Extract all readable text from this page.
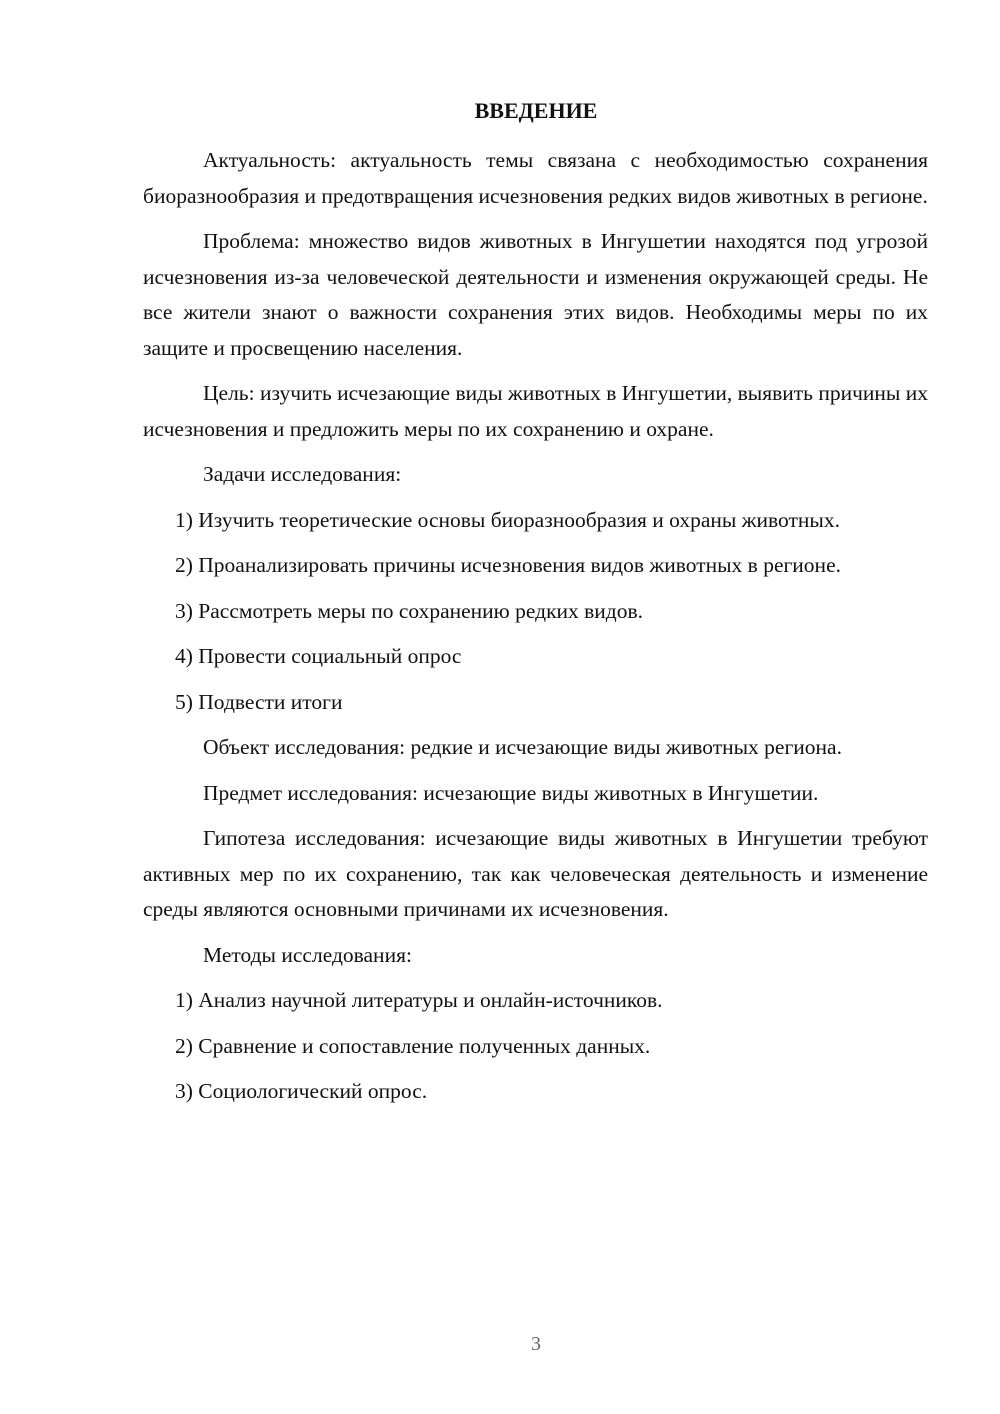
ВВЕДЕНИЕ

Актуальность: актуальность темы связана с необходимостью сохранения биоразнообразия и предотвращения исчезновения редких видов животных в регионе.

Проблема: множество видов животных в Ингушетии находятся под угрозой исчезновения из-за человеческой деятельности и изменения окружающей среды. Не все жители знают о важности сохранения этих видов. Необходимы меры по их защите и просвещению населения.

Цель: изучить исчезающие виды животных в Ингушетии, выявить причины их исчезновения и предложить меры по их сохранению и охране.

Задачи исследования:

1) Изучить теоретические основы биоразнообразия и охраны животных.

2) Проанализировать причины исчезновения видов животных в регионе.

3) Рассмотреть меры по сохранению редких видов.

4) Провести социальный опрос

5) Подвести итоги

Объект исследования: редкие и исчезающие виды животных региона.

Предмет исследования: исчезающие виды животных в Ингушетии.

Гипотеза исследования: исчезающие виды животных в Ингушетии требуют активных мер по их сохранению, так как человеческая деятельность и изменение среды являются основными причинами их исчезновения.

Методы исследования:

1) Анализ научной литературы и онлайн-источников.

2) Сравнение и сопоставление полученных данных.

3) Социологический опрос.

3
